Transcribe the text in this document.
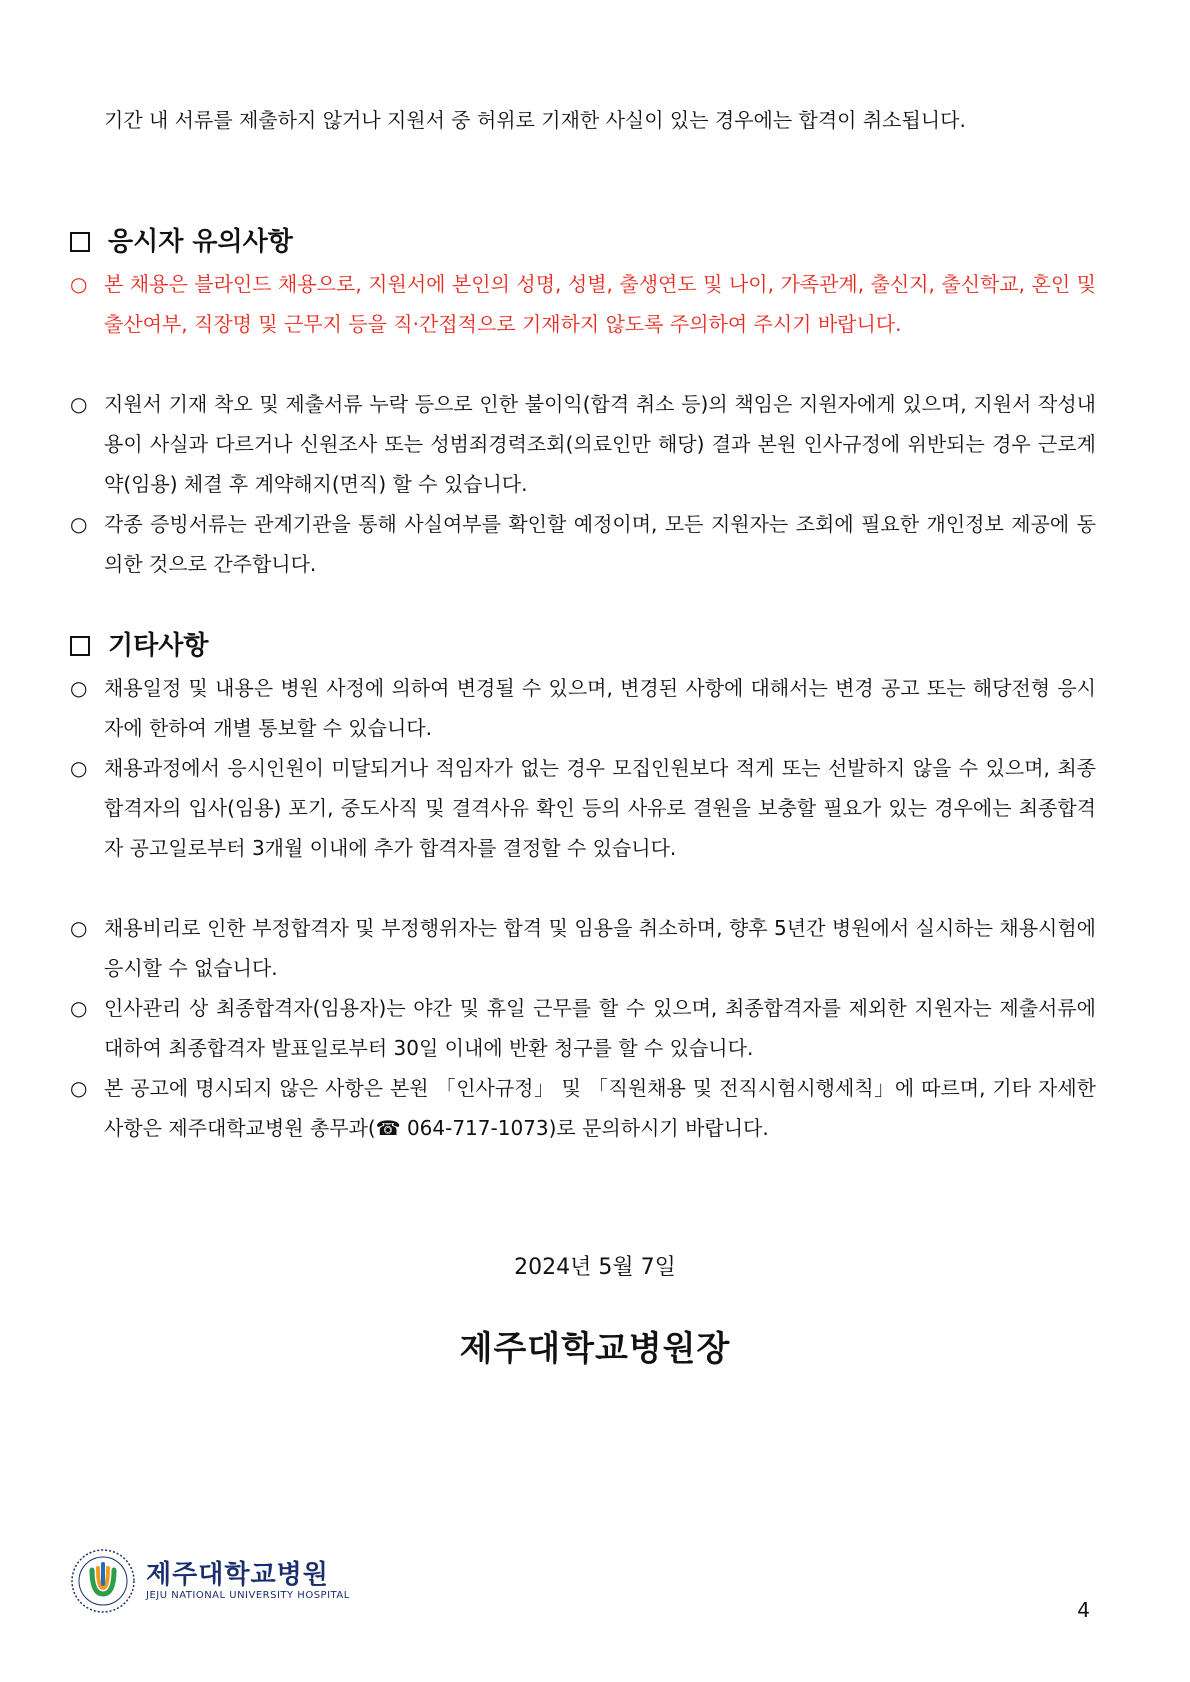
기간 내 서류를 제출하지 않거나 지원서 중 허위로 기재한 사실이 있는 경우에는 합격이 취소됩니다.
응시자 유의사항
○ 본 채용은 블라인드 채용으로, 지원서에 본인의 성명, 성별, 출생연도 및 나이, 가족관계, 출신지, 출신학교, 혼인 및 출산여부, 직장명 및 근무지 등을 직·간접적으로 기재하지 않도록 주의하여 주시기 바랍니다.
○ 지원서 기재 착오 및 제출서류 누락 등으로 인한 불이익(합격 취소 등)의 책임은 지원자에게 있으며, 지원서 작성내용이 사실과 다르거나 신원조사 또는 성범죄경력조회(의료인만 해당) 결과 본원 인사규정에 위반되는 경우 근로계약(임용) 체결 후 계약해지(면직) 할 수 있습니다.
○ 각종 증빙서류는 관계기관을 통해 사실여부를 확인할 예정이며, 모든 지원자는 조회에 필요한 개인정보 제공에 동의한 것으로 간주합니다.
기타사항
○ 채용일정 및 내용은 병원 사정에 의하여 변경될 수 있으며, 변경된 사항에 대해서는 변경 공고 또는 해당전형 응시자에 한하여 개별 통보할 수 있습니다.
○ 채용과정에서 응시인원이 미달되거나 적임자가 없는 경우 모집인원보다 적게 또는 선발하지 않을 수 있으며, 최종합격자의 입사(임용) 포기, 중도사직 및 결격사유 확인 등의 사유로 결원을 보충할 필요가 있는 경우에는 최종합격자 공고일로부터 3개월 이내에 추가 합격자를 결정할 수 있습니다.
○ 채용비리로 인한 부정합격자 및 부정행위자는 합격 및 임용을 취소하며, 향후 5년간 병원에서 실시하는 채용시험에 응시할 수 없습니다.
○ 인사관리 상 최종합격자(임용자)는 야간 및 휴일 근무를 할 수 있으며, 최종합격자를 제외한 지원자는 제출서류에 대하여 최종합격자 발표일로부터 30일 이내에 반환 청구를 할 수 있습니다.
○ 본 공고에 명시되지 않은 사항은 본원 「인사규정」 및 「직원채용 및 전직시험시행세칙」에 따르며, 기타 자세한 사항은 제주대학교병원 총무과(☎ 064-717-1073)로 문의하시기 바랍니다.
2024년 5월 7일
제주대학교병원장
제주대학교병원
JEJU NATIONAL UNIVERSITY HOSPITAL
4
